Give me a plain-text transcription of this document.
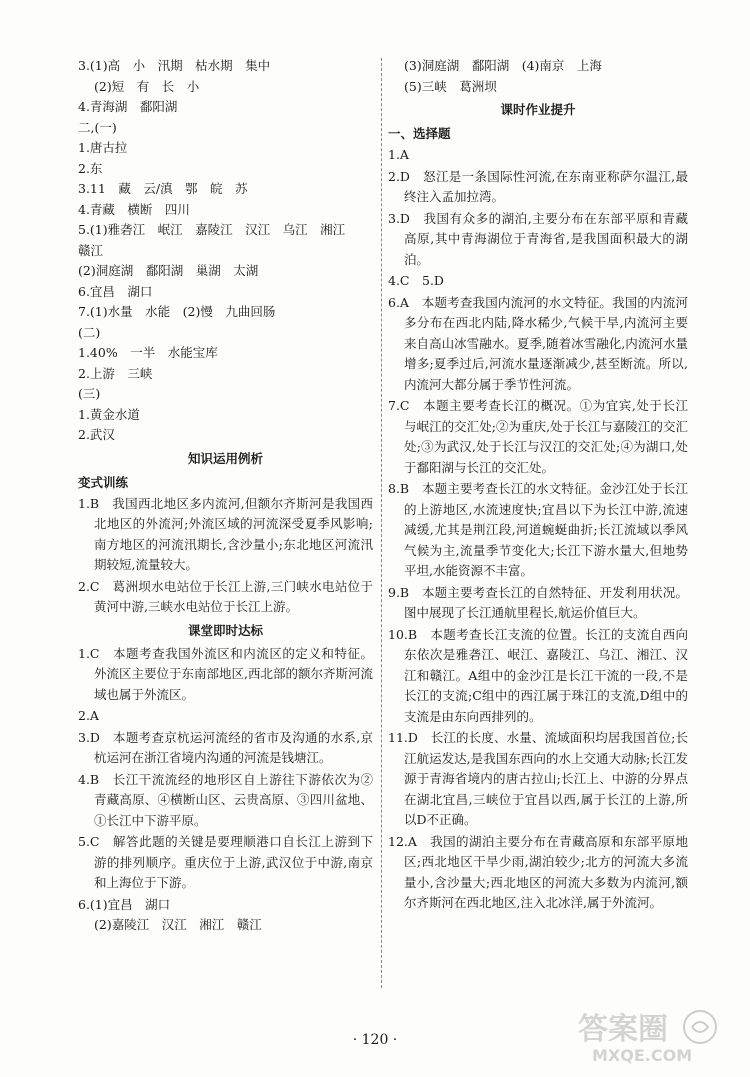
3.(1)高　小　汛期　枯水期　集中
(2)短　有　长　小
4.青海湖　鄱阳湖
二,(一)
1.唐古拉
2.东
3.11　藏　云/滇　鄂　皖　苏
4.青藏　横断　四川
5.(1)雅砻江　岷江　嘉陵江　汉江　乌江　湘江
赣江
(2)洞庭湖　鄱阳湖　巢湖　太湖
6.宜昌　湖口
7.(1)水量　水能　(2)慢　九曲回肠
(二)
1.40%　一半　水能宝库
2.上游　三峡
(三)
1.黄金水道
2.武汉
知识运用例析
变式训练
1.B　我国西北地区多内流河,但额尔齐斯河是我国西北地区的外流河;外流区域的河流深受夏季风影响;南方地区的河流汛期长,含沙量小;东北地区河流汛期较短,流量较大。
2.C　葛洲坝水电站位于长江上游,三门峡水电站位于黄河中游,三峡水电站位于长江上游。
课堂即时达标
1.C　本题考查我国外流区和内流区的定义和特征。外流区主要位于东南部地区,西北部的额尔齐斯河流域也属于外流区。
2.A
3.D　本题考查京杭运河流经的省市及沟通的水系,京杭运河在浙江省境内沟通的河流是钱塘江。
4.B　长江干流流经的地形区自上游往下游依次为②青藏高原、④横断山区、云贵高原、③四川盆地、①长江中下游平原。
5.C　解答此题的关键是要理顺港口自长江上游到下游的排列顺序。重庆位于上游,武汉位于中游,南京和上海位于下游。
6.(1)宜昌　湖口
(2)嘉陵江　汉江　湘江　赣江
(3)洞庭湖　鄱阳湖　(4)南京　上海
(5)三峡　葛洲坝
课时作业提升
一、选择题
1.A
2.D　怒江是一条国际性河流,在东南亚称萨尔温江,最终注入孟加拉湾。
3.D　我国有众多的湖泊,主要分布在东部平原和青藏高原,其中青海湖位于青海省,是我国面积最大的湖泊。
4.C　5.D
6.A　本题考查我国内流河的水文特征。我国的内流河多分布在西北内陆,降水稀少,气候干旱,内流河主要来自高山冰雪融水。夏季,随着冰雪融化,内流河水量增多;夏季过后,河流水量逐渐减少,甚至断流。所以,内流河大都分属于季节性河流。
7.C　本题主要考查长江的概况。①为宜宾,处于长江与岷江的交汇处;②为重庆,处于长江与嘉陵江的交汇处;③为武汉,处于长江与汉江的交汇处;④为湖口,处于鄱阳湖与长江的交汇处。
8.B　本题主要考查长江的水文特征。金沙江处于长江的上游地区,水流速度快;宜昌以下为长江中游,流速减缓,尤其是荆江段,河道蜿蜒曲折;长江流域以季风气候为主,流量季节变化大;长江下游水量大,但地势平坦,水能资源不丰富。
9.B　本题主要考查长江的自然特征、开发利用状况。图中展现了长江通航里程长,航运价值巨大。
10.B　本题考查长江支流的位置。长江的支流自西向东依次是雅砻江、岷江、嘉陵江、乌江、湘江、汉江和赣江。A组中的金沙江是长江干流的一段,不是长江的支流;C组中的西江属于珠江的支流,D组中的支流是由东向西排列的。
11.D　长江的长度、水量、流域面积均居我国首位;长江航运发达,是我国东西向的水上交通大动脉;长江发源于青海省境内的唐古拉山;长江上、中游的分界点在湖北宜昌,三峡位于宜昌以西,属于长江的上游,所以D不正确。
12.A　我国的湖泊主要分布在青藏高原和东部平原地区;西北地区干旱少雨,湖泊较少;北方的河流大多流量小,含沙量大;西北地区的河流大多数为内流河,额尔齐斯河在西北地区,注入北冰洋,属于外流河。
· 120 ·	答案圈
MXQE.COM
